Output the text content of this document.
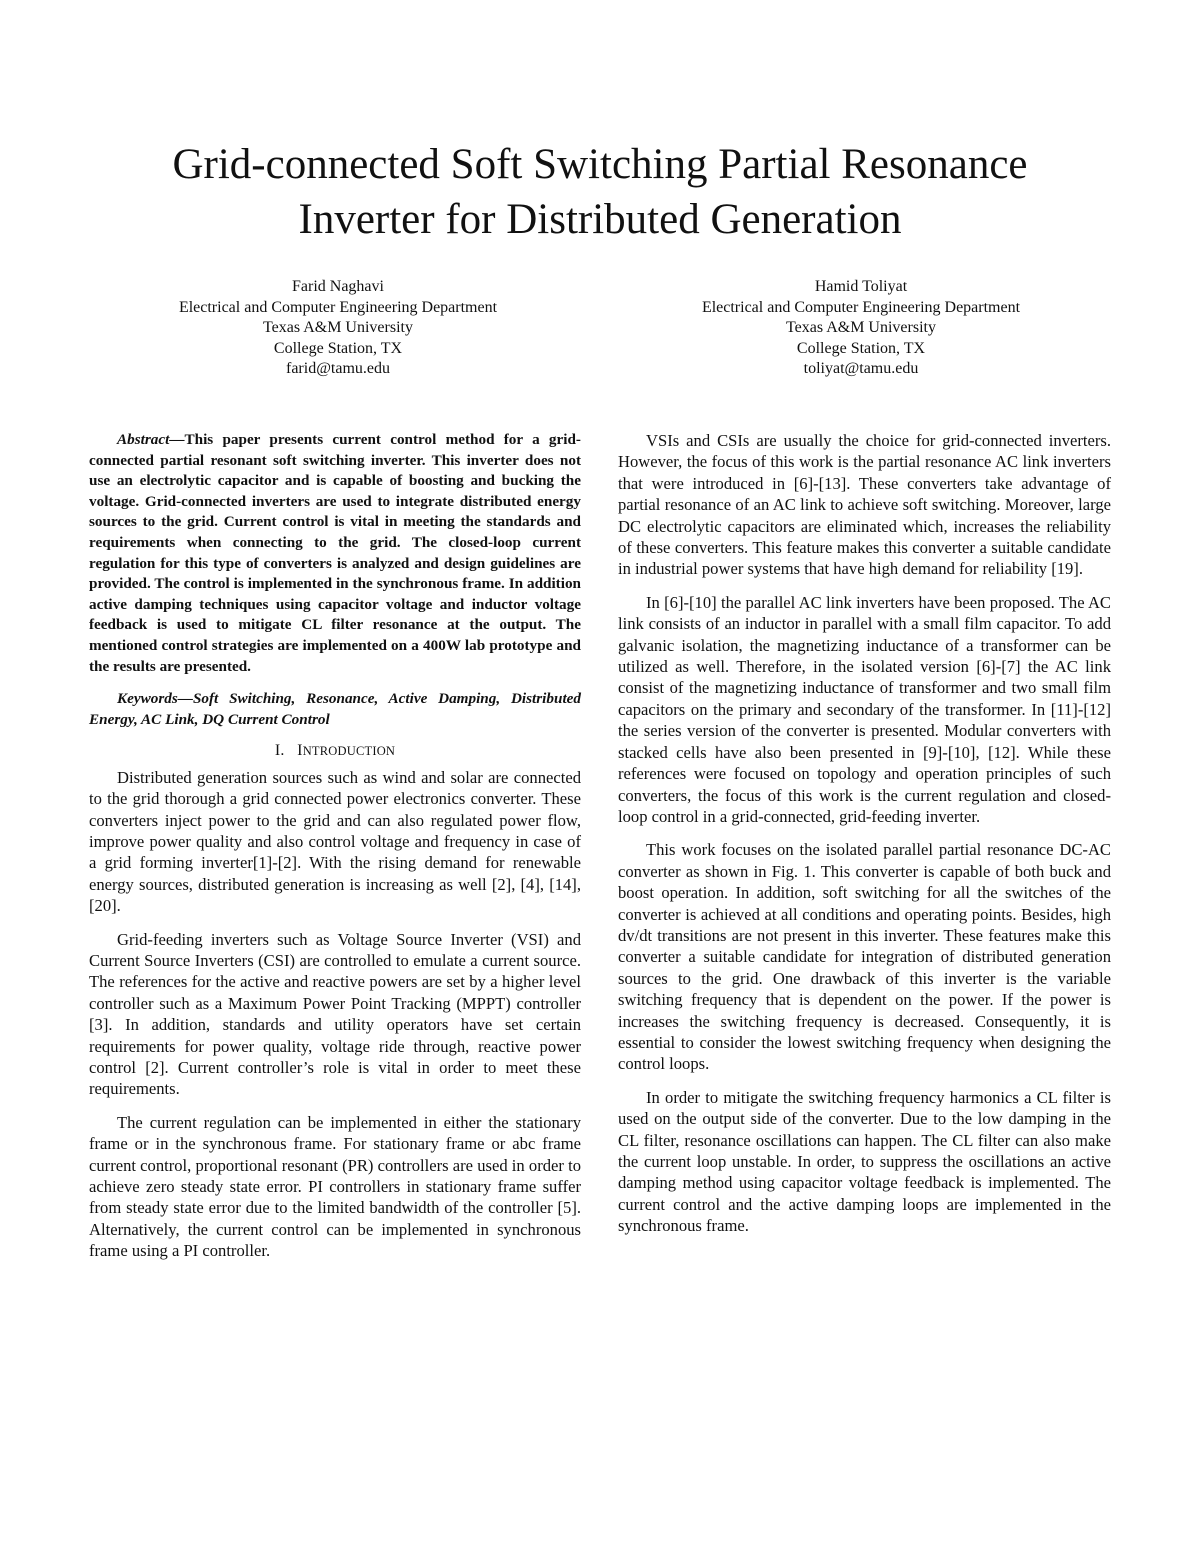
Grid-connected Soft Switching Partial Resonance
Inverter for Distributed Generation
Farid Naghavi
Electrical and Computer Engineering Department
Texas A&M University
College Station, TX
farid@tamu.edu
Hamid Toliyat
Electrical and Computer Engineering Department
Texas A&M University
College Station, TX
toliyat@tamu.edu

Abstract—This paper presents current control method for a grid-connected partial resonant soft switching inverter. This inverter does not use an electrolytic capacitor and is capable of boosting and bucking the voltage. Grid-connected inverters are used to integrate distributed energy sources to the grid. Current control is vital in meeting the standards and requirements when connecting to the grid. The closed-loop current regulation for this type of converters is analyzed and design guidelines are provided. The control is implemented in the synchronous frame. In addition active damping techniques using capacitor voltage and inductor voltage feedback is used to mitigate CL filter resonance at the output. The mentioned control strategies are implemented on a 400W lab prototype and the results are presented.

Keywords—Soft Switching, Resonance, Active Damping, Distributed Energy, AC Link, DQ Current Control

I. INTRODUCTION

Distributed generation sources such as wind and solar are connected to the grid thorough a grid connected power electronics converter. These converters inject power to the grid and can also regulated power flow, improve power quality and also control voltage and frequency in case of a grid forming inverter[1]-[2]. With the rising demand for renewable energy sources, distributed generation is increasing as well [2], [4], [14], [20].

Grid-feeding inverters such as Voltage Source Inverter (VSI) and Current Source Inverters (CSI) are controlled to emulate a current source. The references for the active and reactive powers are set by a higher level controller such as a Maximum Power Point Tracking (MPPT) controller [3]. In addition, standards and utility operators have set certain requirements for power quality, voltage ride through, reactive power control [2]. Current controller’s role is vital in order to meet these requirements.

The current regulation can be implemented in either the stationary frame or in the synchronous frame. For stationary frame or abc frame current control, proportional resonant (PR) controllers are used in order to achieve zero steady state error. PI controllers in stationary frame suffer from steady state error due to the limited bandwidth of the controller [5]. Alternatively, the current control can be implemented in synchronous frame using a PI controller.

VSIs and CSIs are usually the choice for grid-connected inverters. However, the focus of this work is the partial resonance AC link inverters that were introduced in [6]-[13]. These converters take advantage of partial resonance of an AC link to achieve soft switching. Moreover, large DC electrolytic capacitors are eliminated which, increases the reliability of these converters. This feature makes this converter a suitable candidate in industrial power systems that have high demand for reliability [19].

In [6]-[10] the parallel AC link inverters have been proposed. The AC link consists of an inductor in parallel with a small film capacitor. To add galvanic isolation, the magnetizing inductance of a transformer can be utilized as well. Therefore, in the isolated version [6]-[7] the AC link consist of the magnetizing inductance of transformer and two small film capacitors on the primary and secondary of the transformer. In [11]-[12] the series version of the converter is presented. Modular converters with stacked cells have also been presented in [9]-[10], [12]. While these references were focused on topology and operation principles of such converters, the focus of this work is the current regulation and closed-loop control in a grid-connected, grid-feeding inverter.

This work focuses on the isolated parallel partial resonance DC-AC converter as shown in Fig. 1. This converter is capable of both buck and boost operation. In addition, soft switching for all the switches of the converter is achieved at all conditions and operating points. Besides, high dv/dt transitions are not present in this inverter. These features make this converter a suitable candidate for integration of distributed generation sources to the grid. One drawback of this inverter is the variable switching frequency that is dependent on the power. If the power is increases the switching frequency is decreased. Consequently, it is essential to consider the lowest switching frequency when designing the control loops.

In order to mitigate the switching frequency harmonics a CL filter is used on the output side of the converter. Due to the low damping in the CL filter, resonance oscillations can happen. The CL filter can also make the current loop unstable. In order, to suppress the oscillations an active damping method using capacitor voltage feedback is implemented. The current control and the active damping loops are implemented in the synchronous frame.
